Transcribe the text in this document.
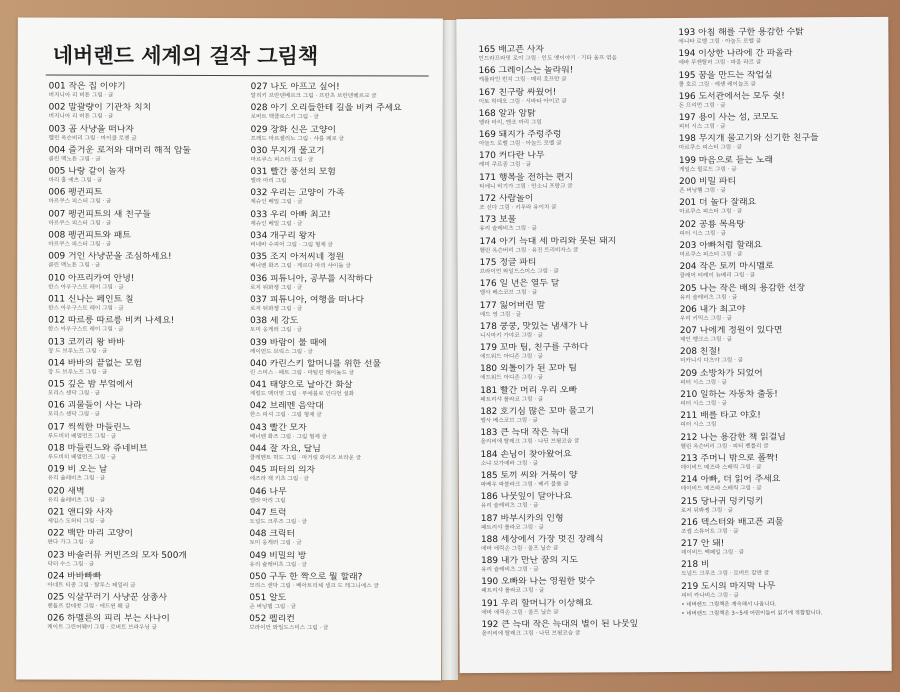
네버랜드 세계의 걸작 그림책
001 작은 집 이야기
버지니아 리 버튼 그림 · 글
002 말괄량이 기관차 치치
버지니아 리 버튼 그림 · 글
003 곰 사냥을 떠나자
헬린 옥슨버리 그림 · 마이클 로젠 글
004 즐거운 로저와 대머리 해적 압둘
콜린 맥노튼 그림 · 글
005 나랑 같이 놀자
마리 홀 에츠 그림 · 글
006 펭귄피트
마르쿠스 피스터 그림 · 글
007 펭귄피트의 새 친구들
마르쿠스 피스터 그림 · 글
008 펭귄피트와 패트
마르쿠스 피스터 그림 · 글
009 거인 사냥꾼을 조심하세요!
콜린 맥노튼 그림 · 글
010 아프리카여 안녕!
한스 아우구스토 레이 그림 · 글
011 신나는 페인트 칠
한스 아우구스토 레이 그림 · 글
012 따르릉 따르릉 비켜 나세요!
한스 아우구스토 레이 그림 · 글
013 코끼리 왕 바바
장 드 브루노프 그림 · 글
014 바바의 끝없는 모험
장 드 브루노프 그림 · 글
015 깊은 밤 부엌에서
모리스 센닥 그림 · 글
016 괴물들이 사는 나라
모리스 센닥 그림 · 글
017 씩씩한 마들린느
루드비히 베멀먼즈 그림 · 글
018 마들린느와 쥬네비브
루드비히 베멀먼즈 그림 · 글
019 비 오는 날
유리 슐레비츠 그림 · 글
020 새벽
유리 슐레비츠 그림 · 글
021 앤디와 사자
제임스 도허티 그림 · 글
022 백만 마리 고양이
완다 가그 그림 · 글
023 바솔러뮤 커빈즈의 모자 500개
닥터 수스 그림 · 글
024 바바빠빠
아네트 티종 그림 · 탈루스 테일러 글
025 익살꾸러기 사냥꾼 삼총사
랜돌프 칼데콧 그림 · 에드윈 웨 글
026 하멜른의 피리 부는 사나이
케이트 그린어웨이 그림 · 로버트 브라우닝 글
027 나도 아프고 싶어!
알리키 브란덴베르크 그림 · 프란츠 브란덴베르크 글
028 아기 오리들한테 길을 비켜 주세요
로버트 맥클로스키 그림 · 글
029 장화 신은 고양이
프레드 마르셀리노 그림 · 샤를 페로 글
030 무지개 물고기
마르쿠스 피스터 그림 · 글
031 빨간 풍선의 모험
엘라 마리 그림
032 우리는 고양이 가족
제슈인 베일 그림 · 글
033 우리 아빠 최고!
제슈인 베일 그림 · 글
034 개구리 왕자
비네바 수피어 그림 · 그림 형제 글
035 조지 아저씨네 정원
베너벤 화즈 그림 · 게르다 마리 샤이들 글
036 피튜니아, 공부를 시작하다
로저 뒤봐젱 그림 · 글
037 피튜니아, 여행을 떠나다
로저 뒤봐젱 그림 · 글
038 세 강도
토미 웅게러 그림 · 글
039 바람이 불 때에
레이먼드 브릭스 그림 · 글
040 카린스키 할머니를 위한 선물
린 스미스 · 패트 그림 · 마틸린 레이놀드 글
041 태양으로 날아간 화살
제럴드 맥더멋 그림 · 푸에블로 인디언 설화
042 브레멘 음악대
한스 피셔 그림 · 그림 형제 글
043 빨간 모자
베너벤 화즈 그림 · 그림 형제 글
044 잘 자요, 달님
클레멘트 허드 그림 · 마거릿 와이즈 브라운 글
045 피터의 의자
에즈라 잭 키츠 그림 · 글
046 나무
엘라 마리 그림
047 트럭
도널드 크루즈 그림 · 글
048 크릭터
토미 웅게러 그림 · 글
049 비밀의 방
유리 슐레비츠 그림 · 글
050 구두 한 짝으로 뭘 할래?
모리스 센닥 그림 · 베아트리체 셍크 드 레그니에스 글
051 알도
존 버닝햄 그림 · 글
052 펠리컨
브라이언 와일드스미스 그림 · 글
165 배고픈 사자
인드라프라밋 로이 그림 · 인도 옛이야기 · 기타 울프 엮음
166 그레이스는 놀라워!
캐롤라인 빈치 그림 · 메리 호프만 글
167 친구랑 싸웠어!
이토 히데오 그림 · 시바타 아이코 글
168 알과 암탉
엘라 마리, 엔조 마리 그림
169 돼지가 주렁주렁
아놀드 로벨 그림 · 아놀드 로벨 글
170 커다란 나무
레미 쿠르종 그림 · 글
171 행복을 전하는 편지
티에니 비기가 그림 · 안소니 프랑크 글
172 사람놀이
조 신다 그림 · 키우라 유이치 글
173 보물
유리 슐레비츠 그림 · 글
174 아기 늑대 세 마리와 못된 돼지
헬린 옥슨버리 그림 · 유진 트리비자스 글
175 정글 파티
브라이언 와일드스미스 그림 · 글
176 일 년은 열두 달
엘사 베스코브 그림 · 글
177 잃어버린 말
에드 영 그림 · 글
178 쿵쿵, 맛있는 냄새가 나
니시마키 가야코 그림 · 글
179 꼬마 팀, 친구를 구하다
에드워드 아디존 그림 · 글
180 외톨이가 된 꼬마 팀
에드워드 아디존 그림 · 글
181 빨간 머리 우리 오빠
패트리샤 폴라코 그림 · 글
182 호기심 많은 꼬마 물고기
엘사 베스코브 그림 · 글
183 큰 늑대 작은 늑대
올리비에 탈레크 그림 · 나딘 브룅코슴 글
184 손님이 찾아왔어요
소냐 보가예바 그림 · 글
185 토끼 씨와 거북이 양
파베우 파블라크 그림 · 베키 블룸 글
186 나뭇잎이 달아나요
유리 슐레비츠 그림 · 글
187 바부시카의 인형
패트리샤 폴라코 그림 · 글
188 세상에서 가장 멋진 장례식
에바 에릭손 그림 · 울프 닐슨 글
189 내가 만난 꿈의 지도
유리 슐레비츠 그림 · 글
190 오빠와 나는 영원한 맞수
패트리샤 폴라코 그림 · 글
191 우리 할머니가 이상해요
에바 에릭손 그림 · 울프 닐슨 글
192 큰 늑대 작은 늑대의 별이 된 나뭇잎
올리비에 탈레크 그림 · 나딘 브룅코슴 글
193 아침 해를 구한 용감한 수탉
에니타 로벨 그림 · 아놀드 로벨 글
194 이상한 나라에 간 파올라
에바 무젠탈러 그림 · 파올 라르 글
195 꿈을 만드는 작업실
콜 호르 그림 · 에셴 레이놀즈 글
196 도서관에서는 모두 쉿!
돈 프리먼 그림 · 글
197 용이 사는 섬, 코모도
피터 시스 그림 · 글
198 무지개 물고기와 신기한 친구들
마르쿠스 피스터 그림 · 글
199 마음으로 듣는 노래
게일스 윌로드 그림 · 글
200 비밀 파티
존 버닝햄 그림 · 글
201 더 놀다 잘래요
마르쿠스 피스터 그림 · 글
202 공룡 목욕탕
피터 시스 그림 · 글
203 아빠처럼 할래요
마르쿠스 피스터 그림 · 글
204 작은 토끼 마시멜로
클레어 터레이 뉴베리 그림 · 글
205 나는 작은 배의 용감한 선장
유리 슐레비츠 그림 · 글
206 내가 최고야
우리 키믹스 그림 · 글
207 나에게 정원이 있다면
제인 벵크스 그림 · 글
208 친절!
미카니시 다츠야 그림 · 글
209 소방차가 되었어
피터 시스 그림 · 글
210 일하는 자동차 출동!
피터 시스 그림 · 글
211 배를 타고 야호!
피터 시스 그림
212 나는 용감한 책 읽걸님
헬린 옥슨버리 그림 · 피터 벤틀리 글
213 주머니 밖으로 폴짝!
데이비드 메즈라 스배릭 그림 · 글
214 아빠, 더 읽어 주세요
데이비드 메즈라 스배릭 그림 · 글
215 당나귀 덩키덩키
로저 뒤봐젱 그림 · 글
216 덱스터와 배고픈 괴물
조셉 스튜어트 그림 · 글
217 안 돼!
데이비드 맥페일 그림 · 글
218 비
도널드 크루즈 그림 · 로버트 칼란 글
219 도시의 마지막 나무
피터 카나비스 그림 · 글
• 네버랜드 그림책은 계속해서 나옵니다.
• 네버랜드 그림책은 3~5세 어린이들이 읽기에 적합합니다.
